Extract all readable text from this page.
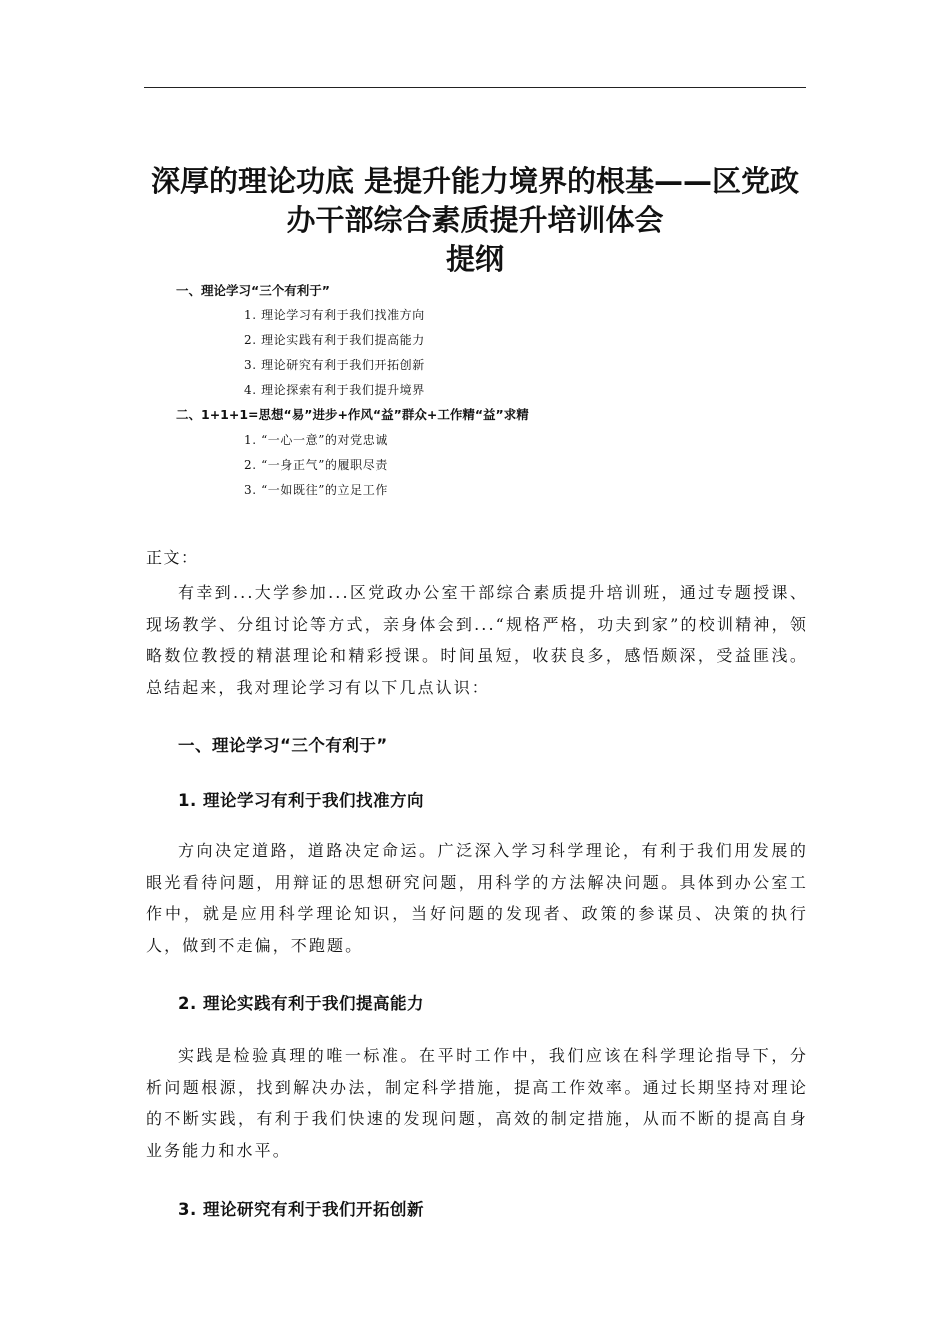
深厚的理论功底 是提升能力境界的根基——区党政
办干部综合素质提升培训体会
提纲
一、理论学习“三个有利于”
1. 理论学习有利于我们找准方向
2. 理论实践有利于我们提高能力
3. 理论研究有利于我们开拓创新
4. 理论探索有利于我们提升境界
二、1+1+1=思想“易”进步+作风“益”群众+工作精“益”求精
1. “一心一意”的对党忠诚
2. “一身正气”的履职尽责
3. “一如既往”的立足工作
正文：
有幸到...大学参加...区党政办公室干部综合素质提升培训班，通过专题授课、现场教学、分组讨论等方式，亲身体会到...“规格严格，功夫到家”的校训精神，领略数位教授的精湛理论和精彩授课。时间虽短，收获良多，感悟颇深，受益匪浅。总结起来，我对理论学习有以下几点认识：
一、理论学习“三个有利于”
1. 理论学习有利于我们找准方向
方向决定道路，道路决定命运。广泛深入学习科学理论，有利于我们用发展的眼光看待问题，用辩证的思想研究问题，用科学的方法解决问题。具体到办公室工作中，就是应用科学理论知识，当好问题的发现者、政策的参谋员、决策的执行人，做到不走偏，不跑题。
2. 理论实践有利于我们提高能力
实践是检验真理的唯一标准。在平时工作中，我们应该在科学理论指导下，分析问题根源，找到解决办法，制定科学措施，提高工作效率。通过长期坚持对理论的不断实践，有利于我们快速的发现问题，高效的制定措施，从而不断的提高自身业务能力和水平。
3. 理论研究有利于我们开拓创新
